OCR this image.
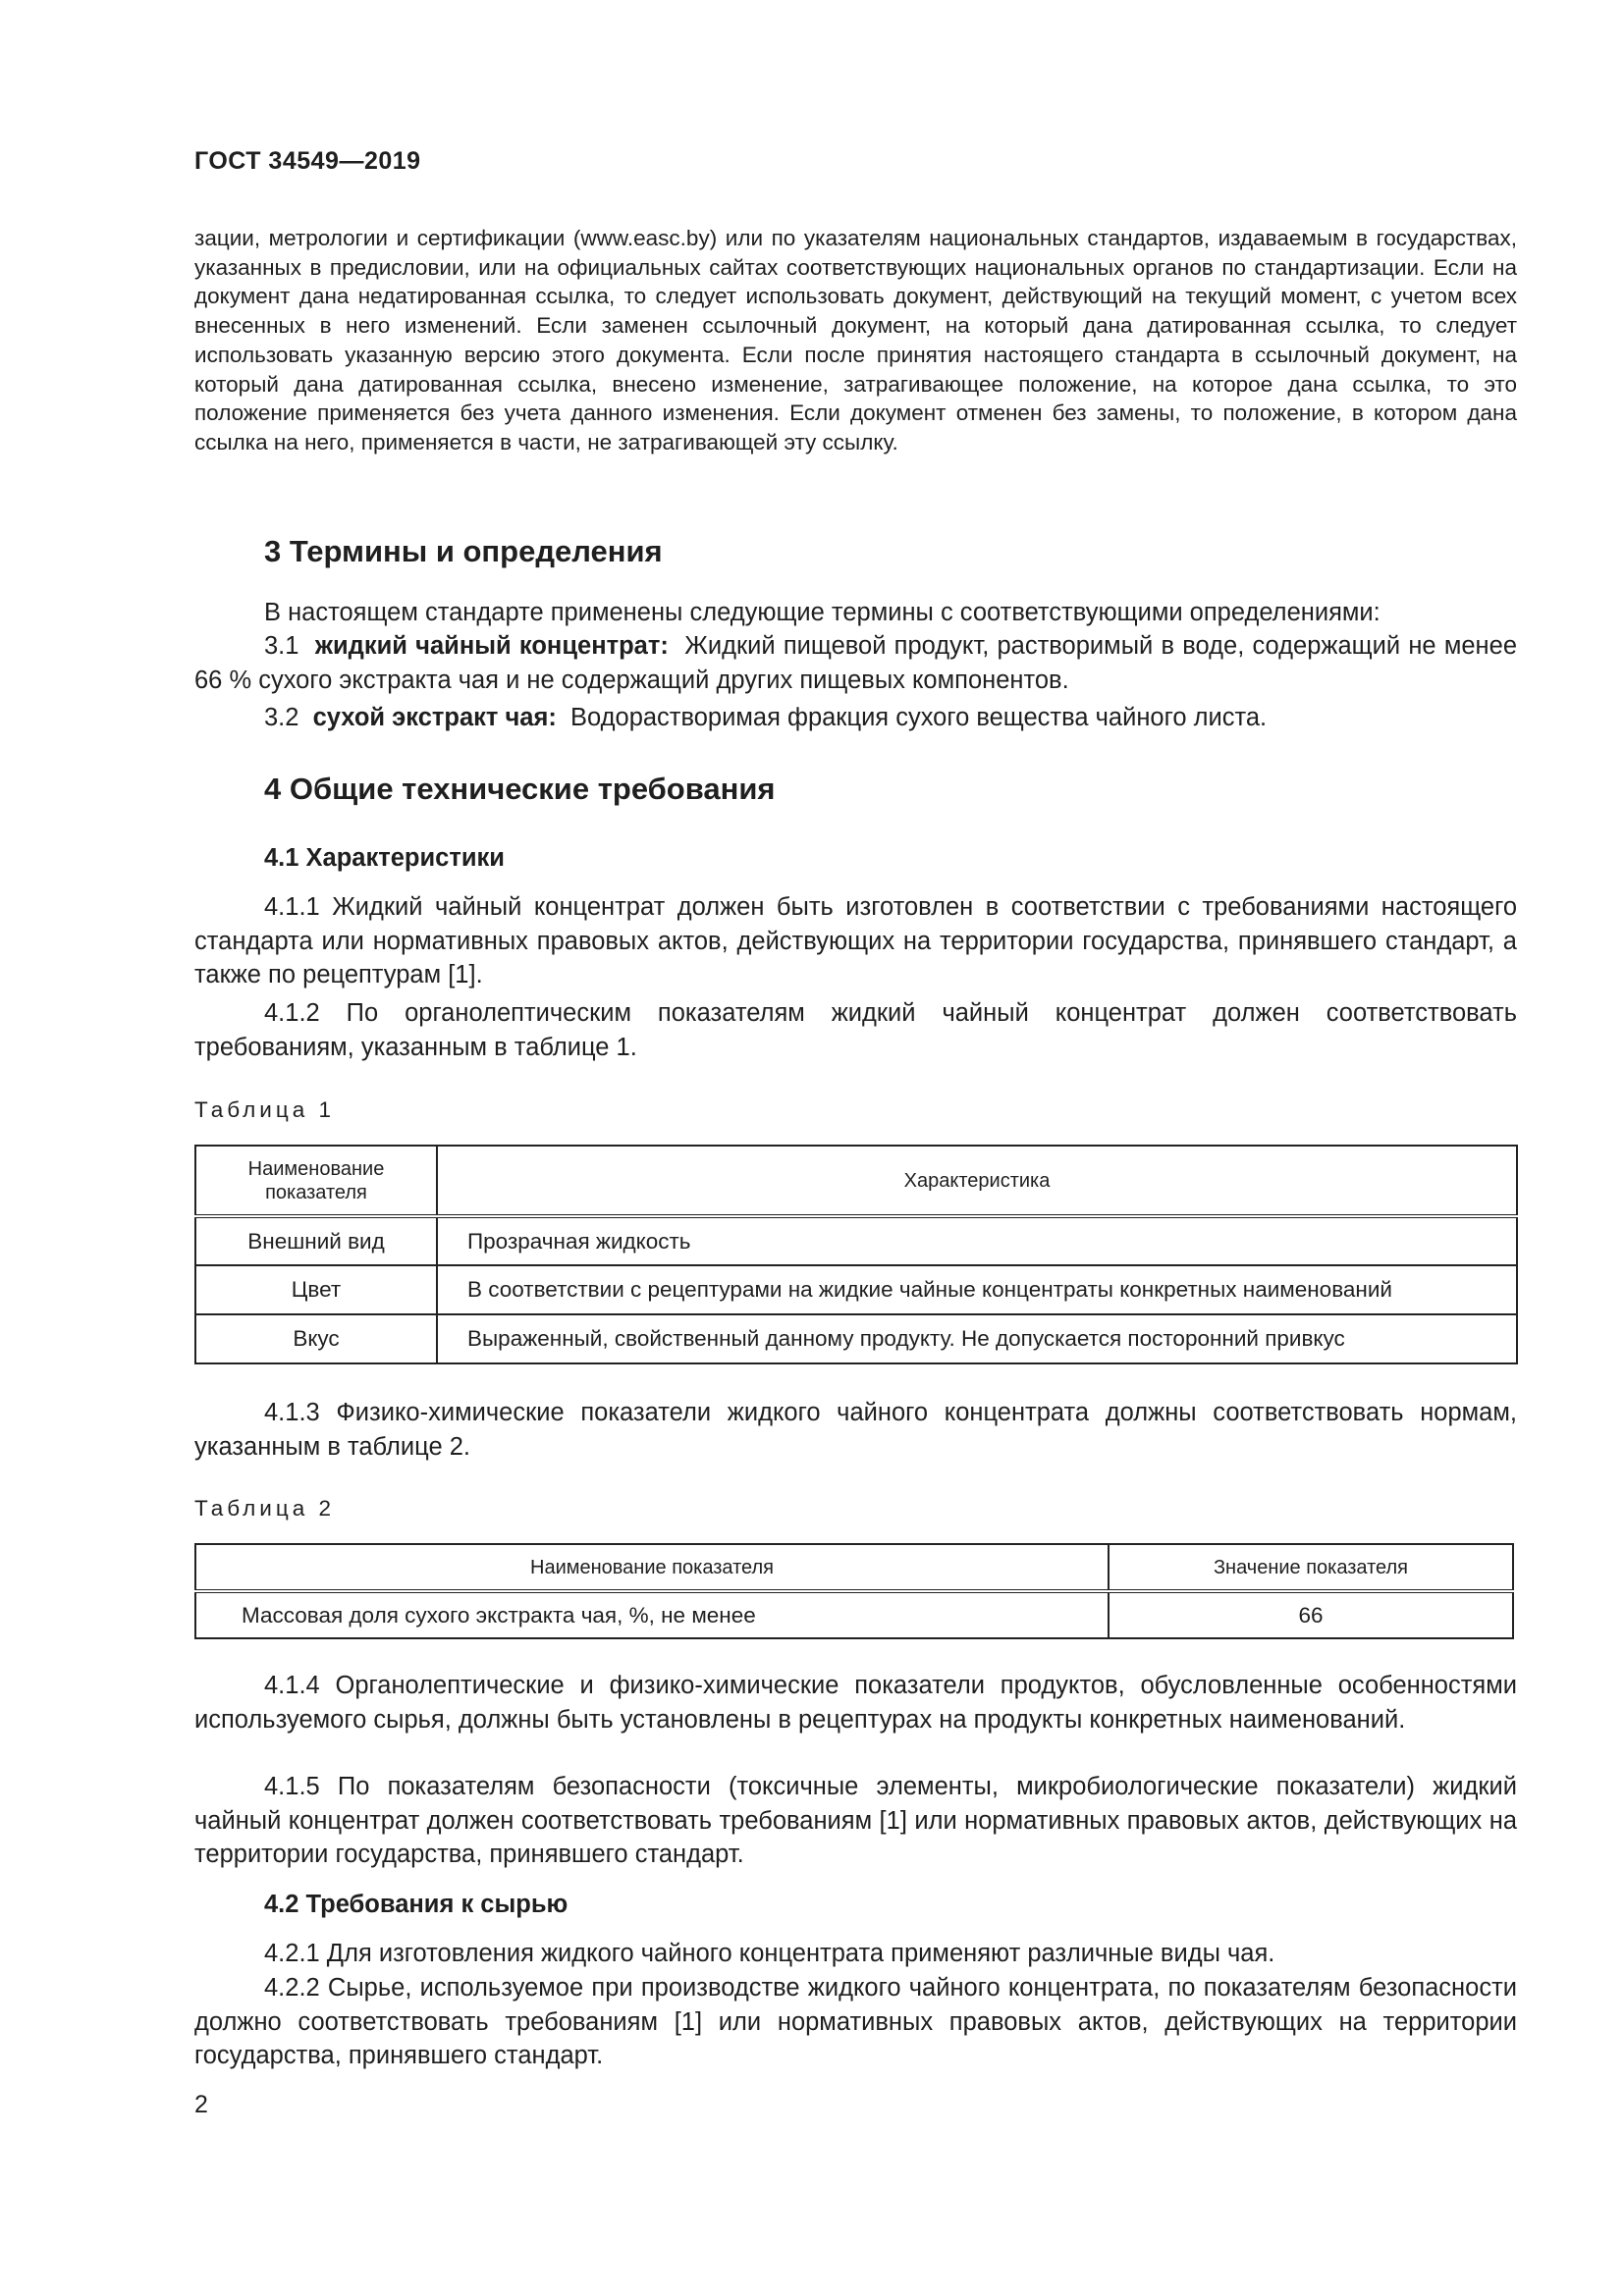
ГОСТ 34549—2019

зации, метрологии и сертификации (www.easc.by) или по указателям национальных стандартов, издаваемым в государствах, указанных в предисловии, или на официальных сайтах соответствующих национальных органов по стандартизации. Если на документ дана недатированная ссылка, то следует использовать документ, действующий на текущий момент, с учетом всех внесенных в него изменений. Если заменен ссылочный документ, на который дана датированная ссылка, то следует использовать указанную версию этого документа. Если после принятия настоящего стандарта в ссылочный документ, на который дана датированная ссылка, внесено изменение, затрагивающее положение, на которое дана ссылка, то это положение применяется без учета данного изменения. Если документ отменен без замены, то положение, в котором дана ссылка на него, применяется в части, не затрагивающей эту ссылку.

3 Термины и определения

В настоящем стандарте применены следующие термины с соответствующими определениями:

3.1 жидкий чайный концентрат: Жидкий пищевой продукт, растворимый в воде, содержащий не менее 66 % сухого экстракта чая и не содержащий других пищевых компонентов.

3.2 сухой экстракт чая: Водорастворимая фракция сухого вещества чайного листа.

4 Общие технические требования
4.1 Характеристики

4.1.1 Жидкий чайный концентрат должен быть изготовлен в соответствии с требованиями настоящего стандарта или нормативных правовых актов, действующих на территории государства, принявшего стандарт, а также по рецептурам [1].

4.1.2 По органолептическим показателям жидкий чайный концентрат должен соответствовать требованиям, указанным в таблице 1.

Таблица 1

Наименование показателя	Характеристика
Внешний вид	Прозрачная жидкость
Цвет	В соответствии с рецептурами на жидкие чайные концентраты конкретных наименований
Вкус	Выраженный, свойственный данному продукту. Не допускается посторонний привкус

4.1.3 Физико-химические показатели жидкого чайного концентрата должны соответствовать нормам, указанным в таблице 2.

Таблица 2

Наименование показателя	Значение показателя
Массовая доля сухого экстракта чая, %, не менее	66

4.1.4 Органолептические и физико-химические показатели продуктов, обусловленные особенностями используемого сырья, должны быть установлены в рецептурах на продукты конкретных наименований.

4.1.5 По показателям безопасности (токсичные элементы, микробиологические показатели) жидкий чайный концентрат должен соответствовать требованиям [1] или нормативных правовых актов, действующих на территории государства, принявшего стандарт.

4.2 Требования к сырью

4.2.1 Для изготовления жидкого чайного концентрата применяют различные виды чая.

4.2.2 Сырье, используемое при производстве жидкого чайного концентрата, по показателям безопасности должно соответствовать требованиям [1] или нормативных правовых актов, действующих на территории государства, принявшего стандарт.

2
